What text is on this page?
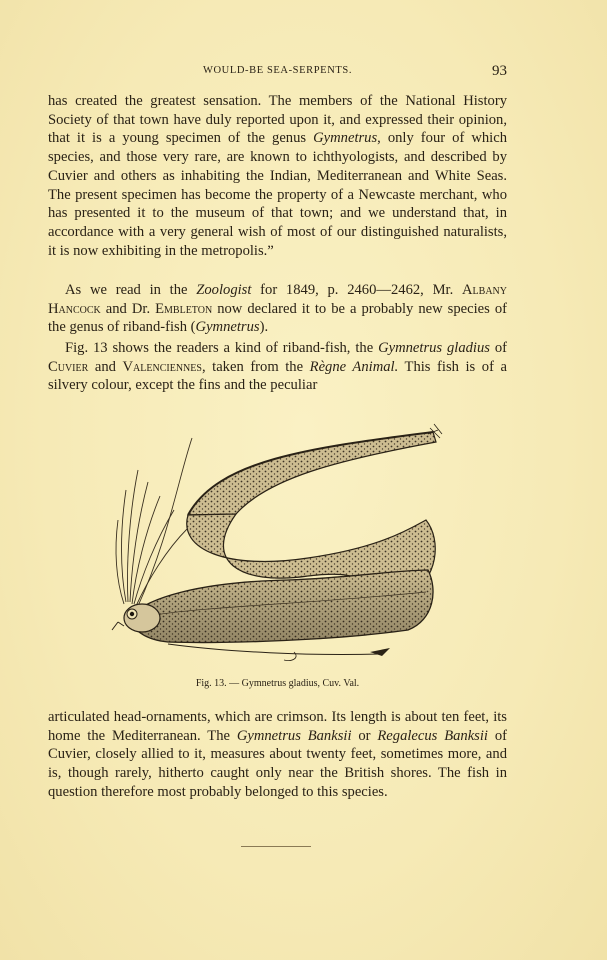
WOULD-BE SEA-SERPENTS.	93

has created the greatest sensation. The members of the National History Society of that town have duly reported upon it, and expressed their opinion, that it is a young specimen of the genus Gymnetrus, only four of which species, and those very rare, are known to ichthyologists, and described by Cuvier and others as inhabiting the Indian, Mediterranean and White Seas. The present specimen has become the property of a Newcaste merchant, who has presented it to the museum of that town; and we understand that, in accordance with a very general wish of most of our distinguished naturalists, it is now exhibiting in the metropolis.”

As we read in the Zoologist for 1849, p. 2460—2462, Mr. Albany Hancock and Dr. Embleton now declared it to be a probably new species of the genus of riband-fish (Gymnetrus).

Fig. 13 shows the readers a kind of riband-fish, the Gymnetrus gladius of Cuvier and Valenciennes, taken from the Règne Animal. This fish is of a silvery colour, except the fins and the peculiar

Fig. 13. — Gymnetrus gladius, Cuv. Val.

articulated head-ornaments, which are crimson. Its length is about ten feet, its home the Mediterranean. The Gymnetrus Banksii or Regalecus Banksii of Cuvier, closely allied to it, measures about twenty feet, sometimes more, and is, though rarely, hitherto caught only near the British shores. The fish in question therefore most probably belonged to this species.
